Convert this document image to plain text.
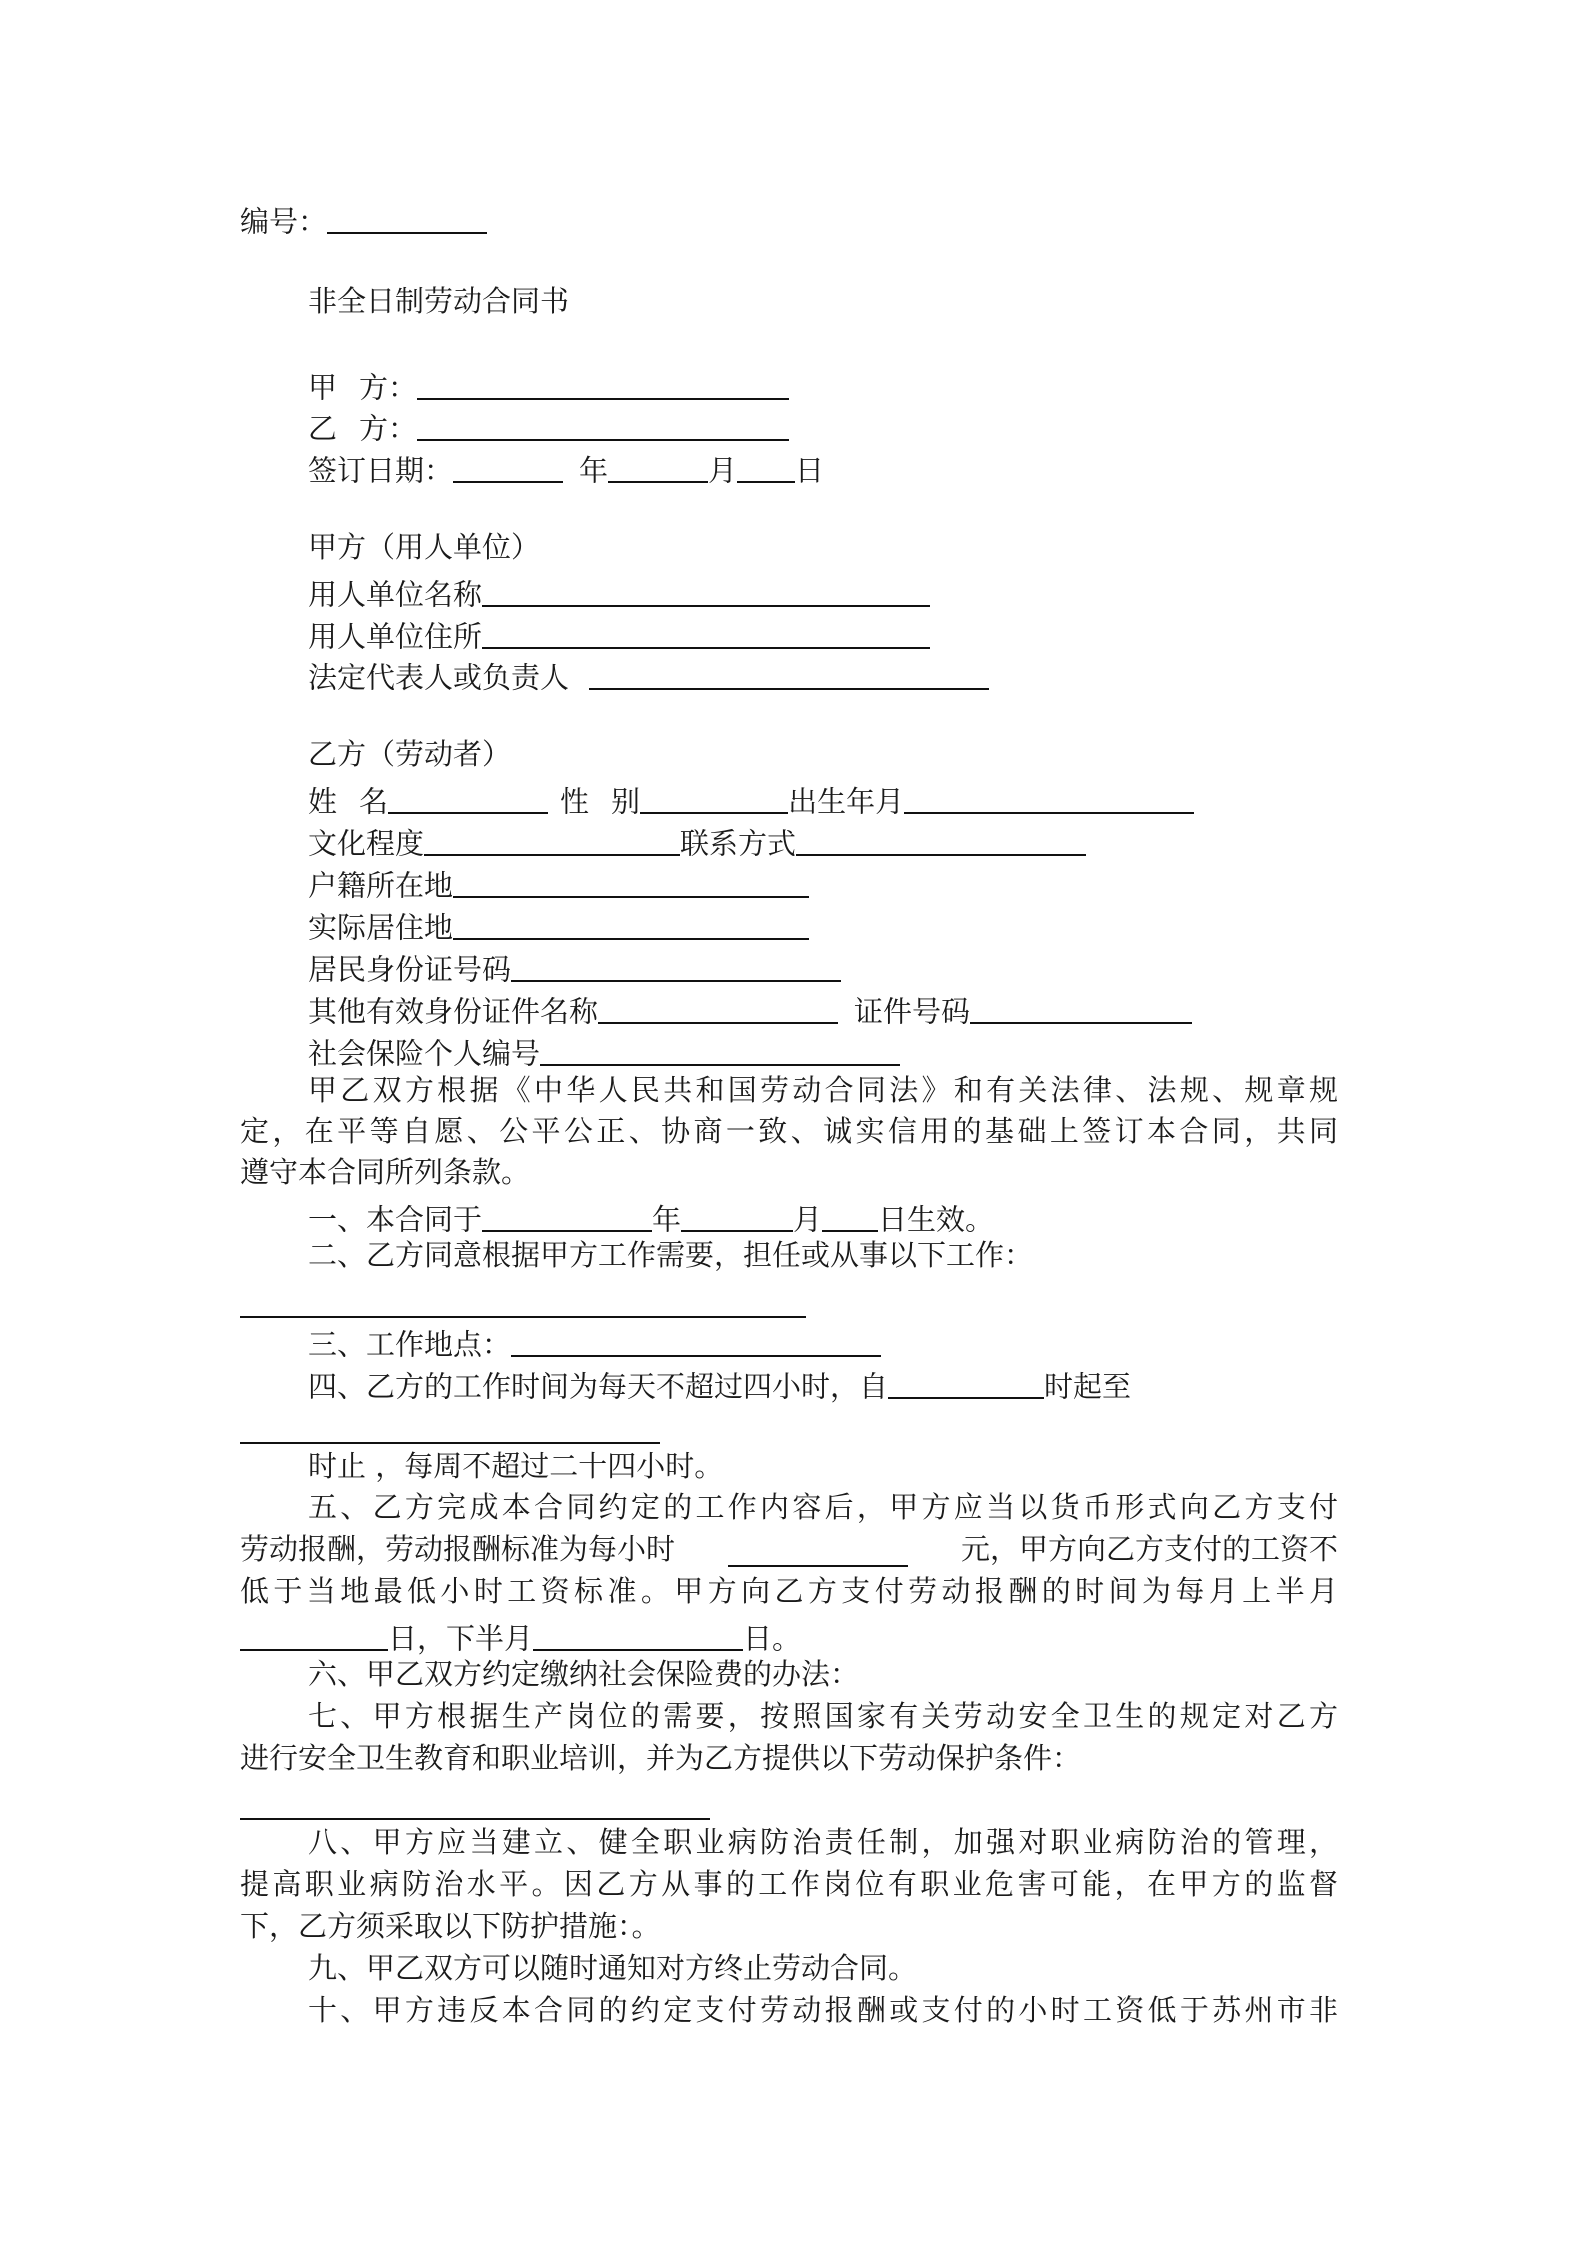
编号：
非全日制劳动合同书
甲 方：
乙 方：
签订日期：	年	月 日
甲方（用人单位）
用人单位名称
用人单位住所
法定代表人或负责人
乙方（劳动者）
姓 名	性 别	出生年月
文化程度	联系方式
户籍所在地
实际居住地
居民身份证号码
其他有效身份证件名称	证件号码
社会保险个人编号
甲乙双方根据《中华人民共和国劳动合同法》和有关法律、法规、规章规
定，在平等自愿、公平公正、协商一致、诚实信用的基础上签订本合同，共同
遵守本合同所列条款。
一、本合同于	年	月 日生效。
二、乙方同意根据甲方工作需要，担任或从事以下工作：
三、工作地点：
四、乙方的工作时间为每天不超过四小时，自	时起至
时止 ，每周不超过二十四小时。
五、乙方完成本合同约定的工作内容后，甲方应当以货币形式向乙方支付
劳动报酬，劳动报酬标准为每小时	元，甲方向乙方支付的工资不
低于当地最低小时工资标准。甲方向乙方支付劳动报酬的时间为每月上半月
日，下半月	日。
六、甲乙双方约定缴纳社会保险费的办法：
七、甲方根据生产岗位的需要，按照国家有关劳动安全卫生的规定对乙方
进行安全卫生教育和职业培训，并为乙方提供以下劳动保护条件：
八、甲方应当建立、健全职业病防治责任制，加强对职业病防治的管理，
提高职业病防治水平。因乙方从事的工作岗位有职业危害可能，在甲方的监督
下，乙方须采取以下防护措施：。
九、甲乙双方可以随时通知对方终止劳动合同。
十、甲方违反本合同的约定支付劳动报酬或支付的小时工资低于苏州市非
